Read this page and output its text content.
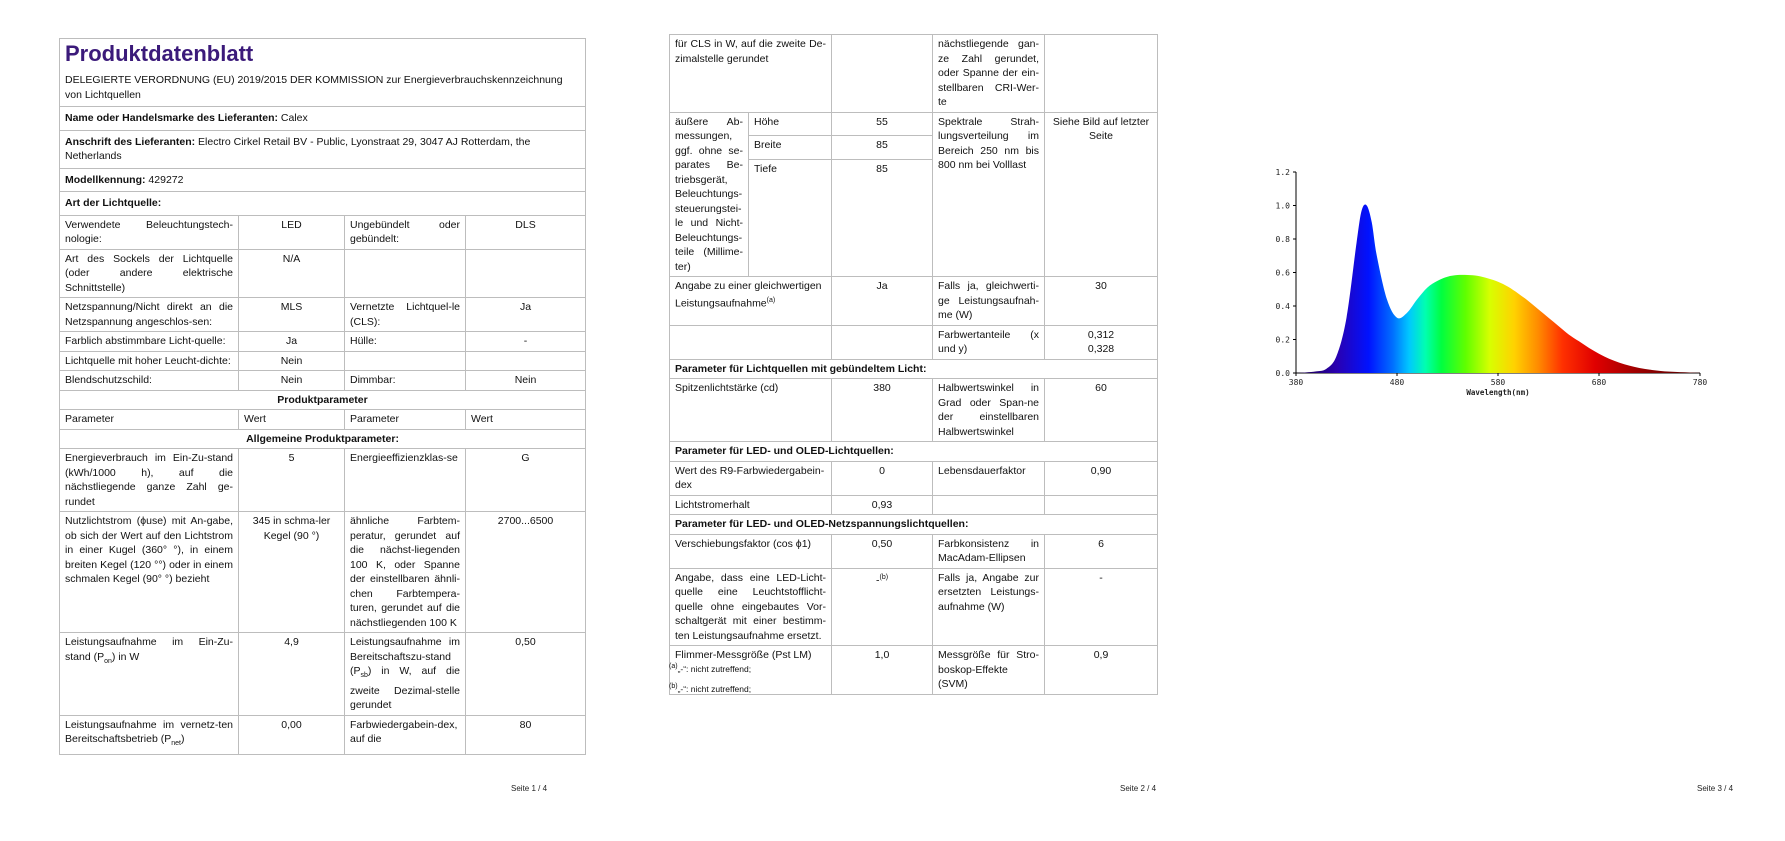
Produktdatenblatt
DELEGIERTE VERORDNUNG (EU) 2019/2015 DER KOMMISSION zur Energieverbrauchskennzeichnung von Lichtquellen			

Name oder Handelsmarke des Lieferanten: Calex			
Anschrift des Lieferanten: Electro Cirkel Retail BV - Public, Lyonstraat 29, 3047 AJ Rotterdam, the Netherlands			
Modellkennung: 429272			
Art der Lichtquelle:			
Verwendete Beleuchtungstech-nologie:	LED	Ungebündelt oder gebündelt:	DLS
Art des Sockels der Lichtquelle (oder andere elektrische Schnittstelle)	N/A		
Netzspannung/Nicht direkt an die Netzspannung angeschlos-sen:	MLS	Vernetzte Lichtquel-le (CLS):	Ja
Farblich abstimmbare Licht-quelle:	Ja	Hülle:	-
Lichtquelle mit hoher Leucht-dichte:	Nein		
Blendschutzschild:	Nein	Dimmbar:	Nein
Produktparameter			
Parameter	Wert	Parameter	Wert
Allgemeine Produktparameter:			
Energieverbrauch im Ein-Zu-stand (kWh/1000 h), auf die nächstliegende ganze Zahl ge-rundet	5	Energieeffizienzklas-se	G
Nutzlichtstrom (ϕuse) mit An-gabe, ob sich der Wert auf den Lichtstrom in einer Kugel (360° °), in einem breiten Kegel (120 °°) oder in einem schmalen Kegel (90° °) bezieht	345 in schma-ler Kegel (90 °)	ähnliche Farbtem-peratur, gerundet auf die nächst-liegenden 100 K, oder Spanne der einstellbaren ähnli-chen Farbtempera-turen, gerundet auf die nächstliegenden 100 K	2700...6500
Leistungsaufnahme im Ein-Zu-stand $(P_{on})$ in W	4,9	Leistungsaufnahme im Bereitschaftszu-stand $(P_{sb})$ in W, auf die zweite Dezimal-stelle gerundet	0,50
Leistungsaufnahme im vernetz-ten Bereitschaftsbetrieb $(P_{net})$	0,00	Farbwiedergabein-dex, auf die	80
Seite 1 / 4
für CLS in W, auf die zweite De-zimalstelle gerundet			nächstliegende gan-ze Zahl gerundet, oder Spanne der ein-stellbaren CRI-Wer-te	
äußere Ab-messungen, ggf. ohne se-parates Be-triebsgerät, Beleuchtungs-steuerungstei-le und Nicht-Beleuchtungs-teile (Millime-ter)	Höhe	55	Spektrale Strah-lungsverteilung im Bereich 250 nm bis 800 nm bei Volllast	Siehe Bild auf letzter Seite
	Breite	85		
	Tiefe	85		
Angabe zu einer gleichwertigen Leistungsaufnahme$^{(a)}$		Ja	Falls ja, gleichwerti-ge Leistungsaufnah-me (W)	30
			Farbwertanteile (x und y)	0,312
0,328

Parameter für Lichtquellen mit gebündeltem Licht:				
Spitzenlichtstärke (cd)		380	Halbwertswinkel in Grad oder Span-ne der einstellbaren Halbwertswinkel	60
Parameter für LED- und OLED-Lichtquellen:				
Wert des R9-Farbwiedergabein-dex		0	Lebensdauerfaktor	0,90
Lichtstromerhalt		0,93		
Parameter für LED- und OLED-Netzspannungslichtquellen:				
Verschiebungsfaktor (cos ϕ1)		0,50	Farbkonsistenz in MacAdam-Ellipsen	6
Angabe, dass eine LED-Licht-quelle eine Leuchtstofflicht-quelle ohne eingebautes Vor-schaltgerät mit einer bestimm-ten Leistungsaufnahme ersetzt.		-$^{(b)}$	Falls ja, Angabe zur ersetzten Leistungs-aufnahme (W)	-
Flimmer-Messgröße (Pst LM)		1,0	Messgröße für Stro-boskop-Effekte (SVM)	0,9
$^{(a)}$„-“: nicht zutreffend;
$^{(b)}$„-“: nicht zutreffend;
Seite 2 / 4
0.0
0.2
0.4
0.6
0.8
1.0
1.2
380	480	580	680	780
Wavelength(nm)
Seite 3 / 4
